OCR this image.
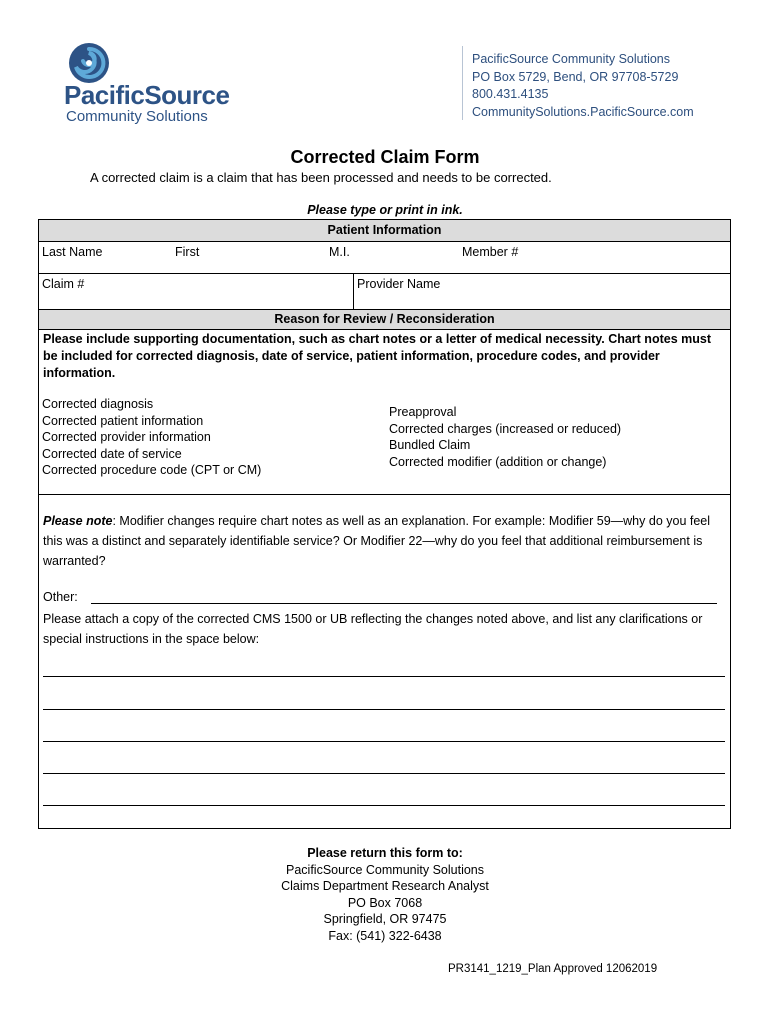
PacificSource
Community Solutions
PacificSource Community Solutions
PO Box 5729, Bend, OR 97708-5729
800.431.4135
CommunitySolutions.PacificSource.com
Corrected Claim Form
A corrected claim is a claim that has been processed and needs to be corrected.
Please type or print in ink.
Patient Information
Last Name	First	M.I.	Member #
Claim #	Provider Name
Reason for Review / Reconsideration
Please include supporting documentation, such as chart notes or a letter of medical necessity. Chart notes must be included for corrected diagnosis, date of service, patient information, procedure codes, and provider information.
Corrected diagnosis
Corrected patient information
Corrected provider information
Corrected date of service
Corrected procedure code (CPT or CM)
Preapproval
Corrected charges (increased or reduced)
Bundled Claim
Corrected modifier (addition or change)
Please note: Modifier changes require chart notes as well as an explanation. For example: Modifier 59—why do you feel this was a distinct and separately identifiable service? Or Modifier 22—why do you feel that additional reimbursement is warranted?
Other:
Please attach a copy of the corrected CMS 1500 or UB reflecting the changes noted above, and list any clarifications or special instructions in the space below:
Please return this form to:
PacificSource Community Solutions
Claims Department Research Analyst
PO Box 7068
Springfield, OR 97475
Fax: (541) 322-6438
PR3141_1219_Plan Approved 12062019
